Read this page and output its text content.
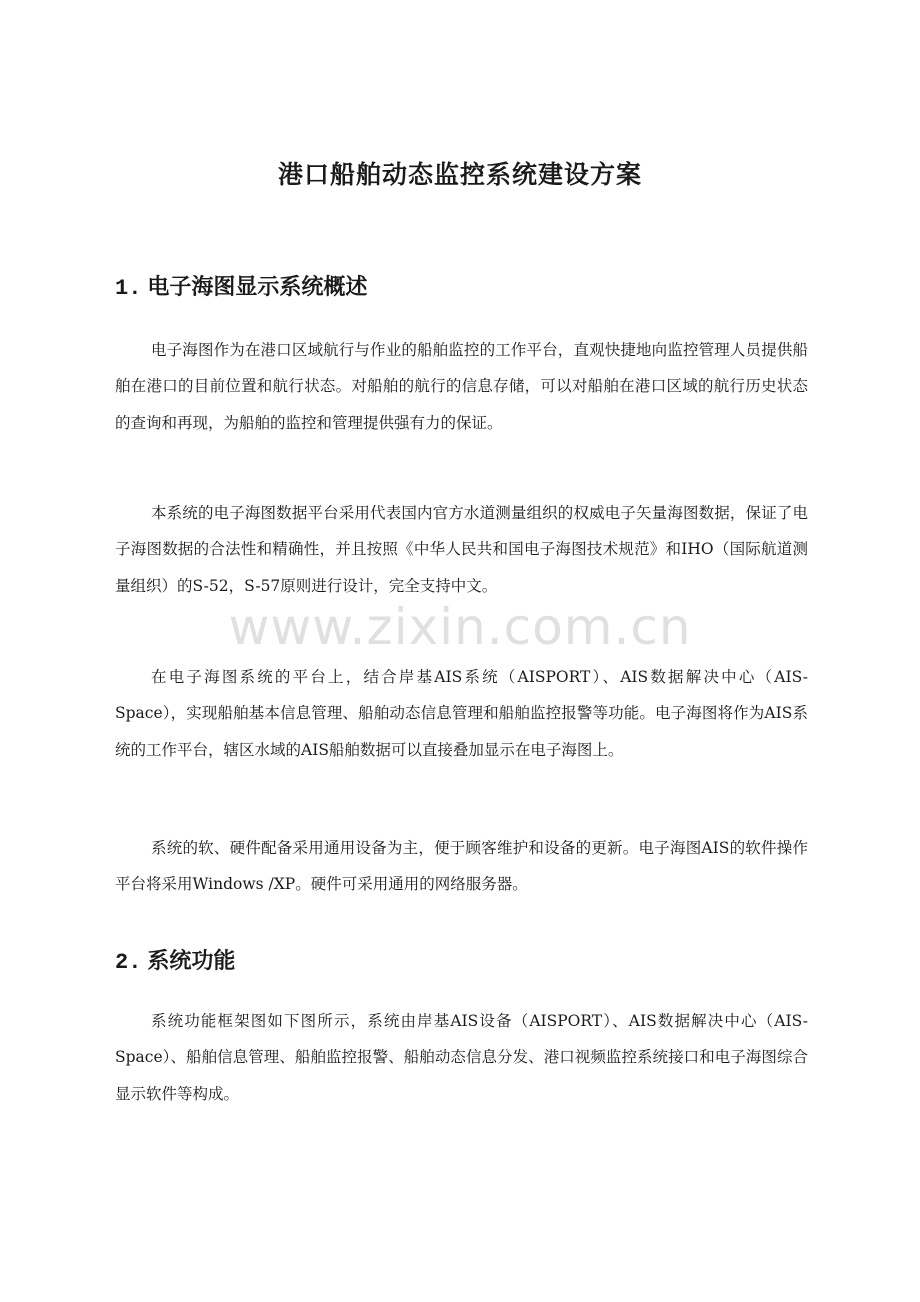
港口船舶动态监控系统建设方案
1. 电子海图显示系统概述

电子海图作为在港口区域航行与作业的船舶监控的工作平台，直观快捷地向监控管理人员提供船舶在港口的目前位置和航行状态。对船舶的航行的信息存储，可以对船舶在港口区域的航行历史状态的查询和再现，为船舶的监控和管理提供强有力的保证。

本系统的电子海图数据平台采用代表国内官方水道测量组织的权威电子矢量海图数据，保证了电子海图数据的合法性和精确性，并且按照《中华人民共和国电子海图技术规范》和IHO（国际航道测量组织）的S-52，S-57原则进行设计，完全支持中文。

在电子海图系统的平台上，结合岸基AIS系统（AISPORT）、AIS数据解决中心（AIS-Space），实现船舶基本信息管理、船舶动态信息管理和船舶监控报警等功能。电子海图将作为AIS系统的工作平台，辖区水域的AIS船舶数据可以直接叠加显示在电子海图上。

系统的软、硬件配备采用通用设备为主，便于顾客维护和设备的更新。电子海图AIS的软件操作平台将采用Windows /XP。硬件可采用通用的网络服务器。

2. 系统功能

系统功能框架图如下图所示，系统由岸基AIS设备（AISPORT）、AIS数据解决中心（AIS-Space）、船舶信息管理、船舶监控报警、船舶动态信息分发、港口视频监控系统接口和电子海图综合显示软件等构成。

www.zixin.com.cn
